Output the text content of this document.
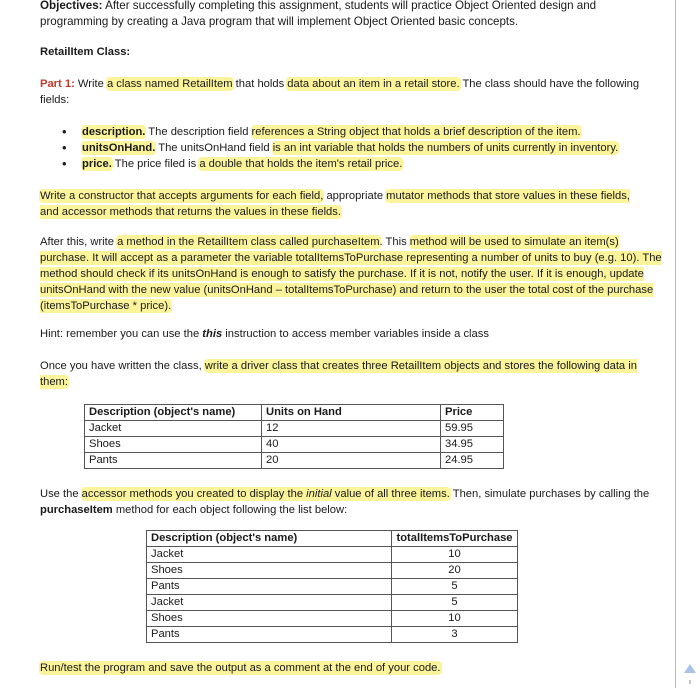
Objectives: After successfully completing this assignment, students will practice Object Oriented design and programming by creating a Java program that will implement Object Oriented basic concepts.

RetailItem Class:

Part 1: Write a class named RetailItem that holds data about an item in a retail store. The class should have the following fields:

• description. The description field references a String object that holds a brief description of the item.
• unitsOnHand. The unitsOnHand field is an int variable that holds the numbers of units currently in inventory.
• price. The price filed is a double that holds the item's retail price.

Write a constructor that accepts arguments for each field, appropriate mutator methods that store values in these fields, and accessor methods that returns the values in these fields.

After this, write a method in the RetailItem class called purchaseItem. This method will be used to simulate an item(s) purchase. It will accept as a parameter the variable totalItemsToPurchase representing a number of units to buy (e.g. 10). The method should check if its unitsOnHand is enough to satisfy the purchase. If it is not, notify the user. If it is enough, update unitsOnHand with the new value (unitsOnHand – totalItemsToPurchase) and return to the user the total cost of the purchase (itemsToPurchase * price).

Hint: remember you can use the this instruction to access member variables inside a class

Once you have written the class, write a driver class that creates three RetailItem objects and stores the following data in them:

Description (object's name)	Units on Hand	Price
Jacket	12	59.95
Shoes	40	34.95
Pants	20	24.95

Use the accessor methods you created to display the initial value of all three items. Then, simulate purchases by calling the purchaseItem method for each object following the list below:

Description (object's name)	totalItemsToPurchase
Jacket	10
Shoes	20
Pants	5
Jacket	5
Shoes	10
Pants	3

Run/test the program and save the output as a comment at the end of your code.
